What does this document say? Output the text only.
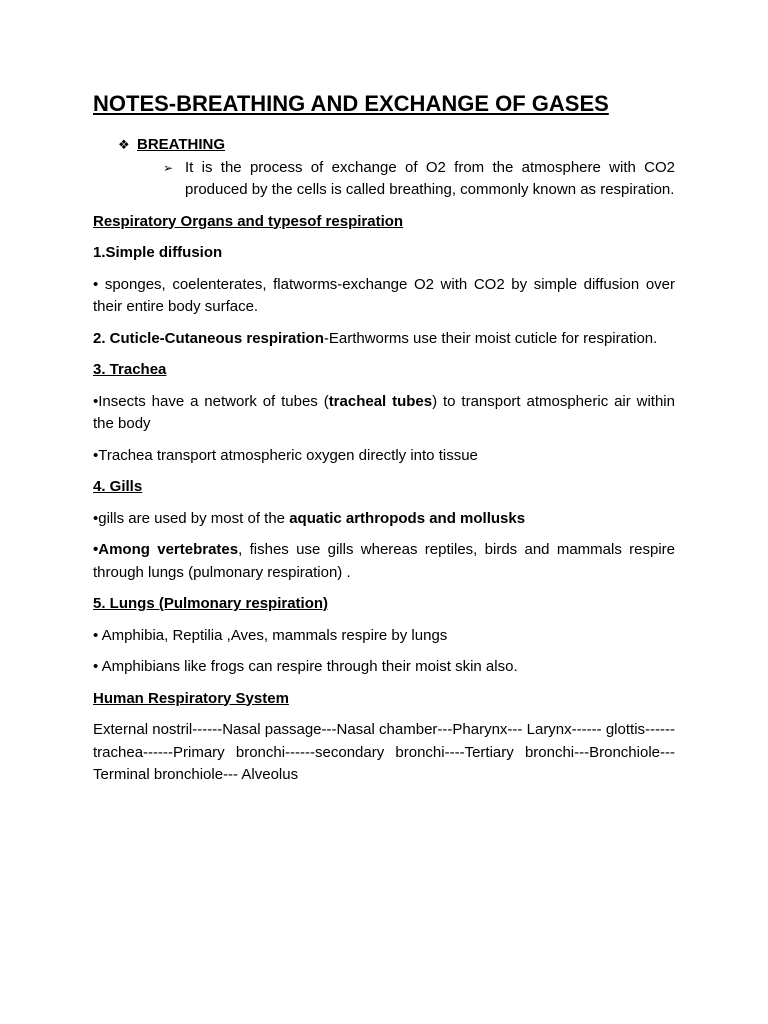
NOTES-BREATHING AND EXCHANGE OF GASES
❖ BREATHING
➢ It is the process of exchange of O2 from the atmosphere with CO2 produced by the cells is called breathing, commonly known as respiration.
Respiratory Organs and typesof respiration
1.Simple diffusion
• sponges, coelenterates, flatworms-exchange O2 with CO2 by simple diffusion over their entire body surface.
2. Cuticle-Cutaneous respiration-Earthworms use their moist cuticle for respiration.
3. Trachea
•Insects have a network of tubes (tracheal tubes) to transport atmospheric air within the body
•Trachea transport atmospheric oxygen directly into tissue
4. Gills
•gills are used by most of the aquatic arthropods and mollusks
•Among vertebrates, fishes use gills whereas reptiles, birds and mammals respire through lungs (pulmonary respiration) .
5. Lungs (Pulmonary respiration)
• Amphibia, Reptilia ,Aves, mammals respire by lungs
• Amphibians like frogs can respire through their moist skin also.
Human Respiratory System
External nostril------Nasal passage---Nasal chamber---Pharynx--- Larynx------ glottis------trachea------Primary bronchi------secondary bronchi----Tertiary bronchi---Bronchiole---Terminal bronchiole--- Alveolus
